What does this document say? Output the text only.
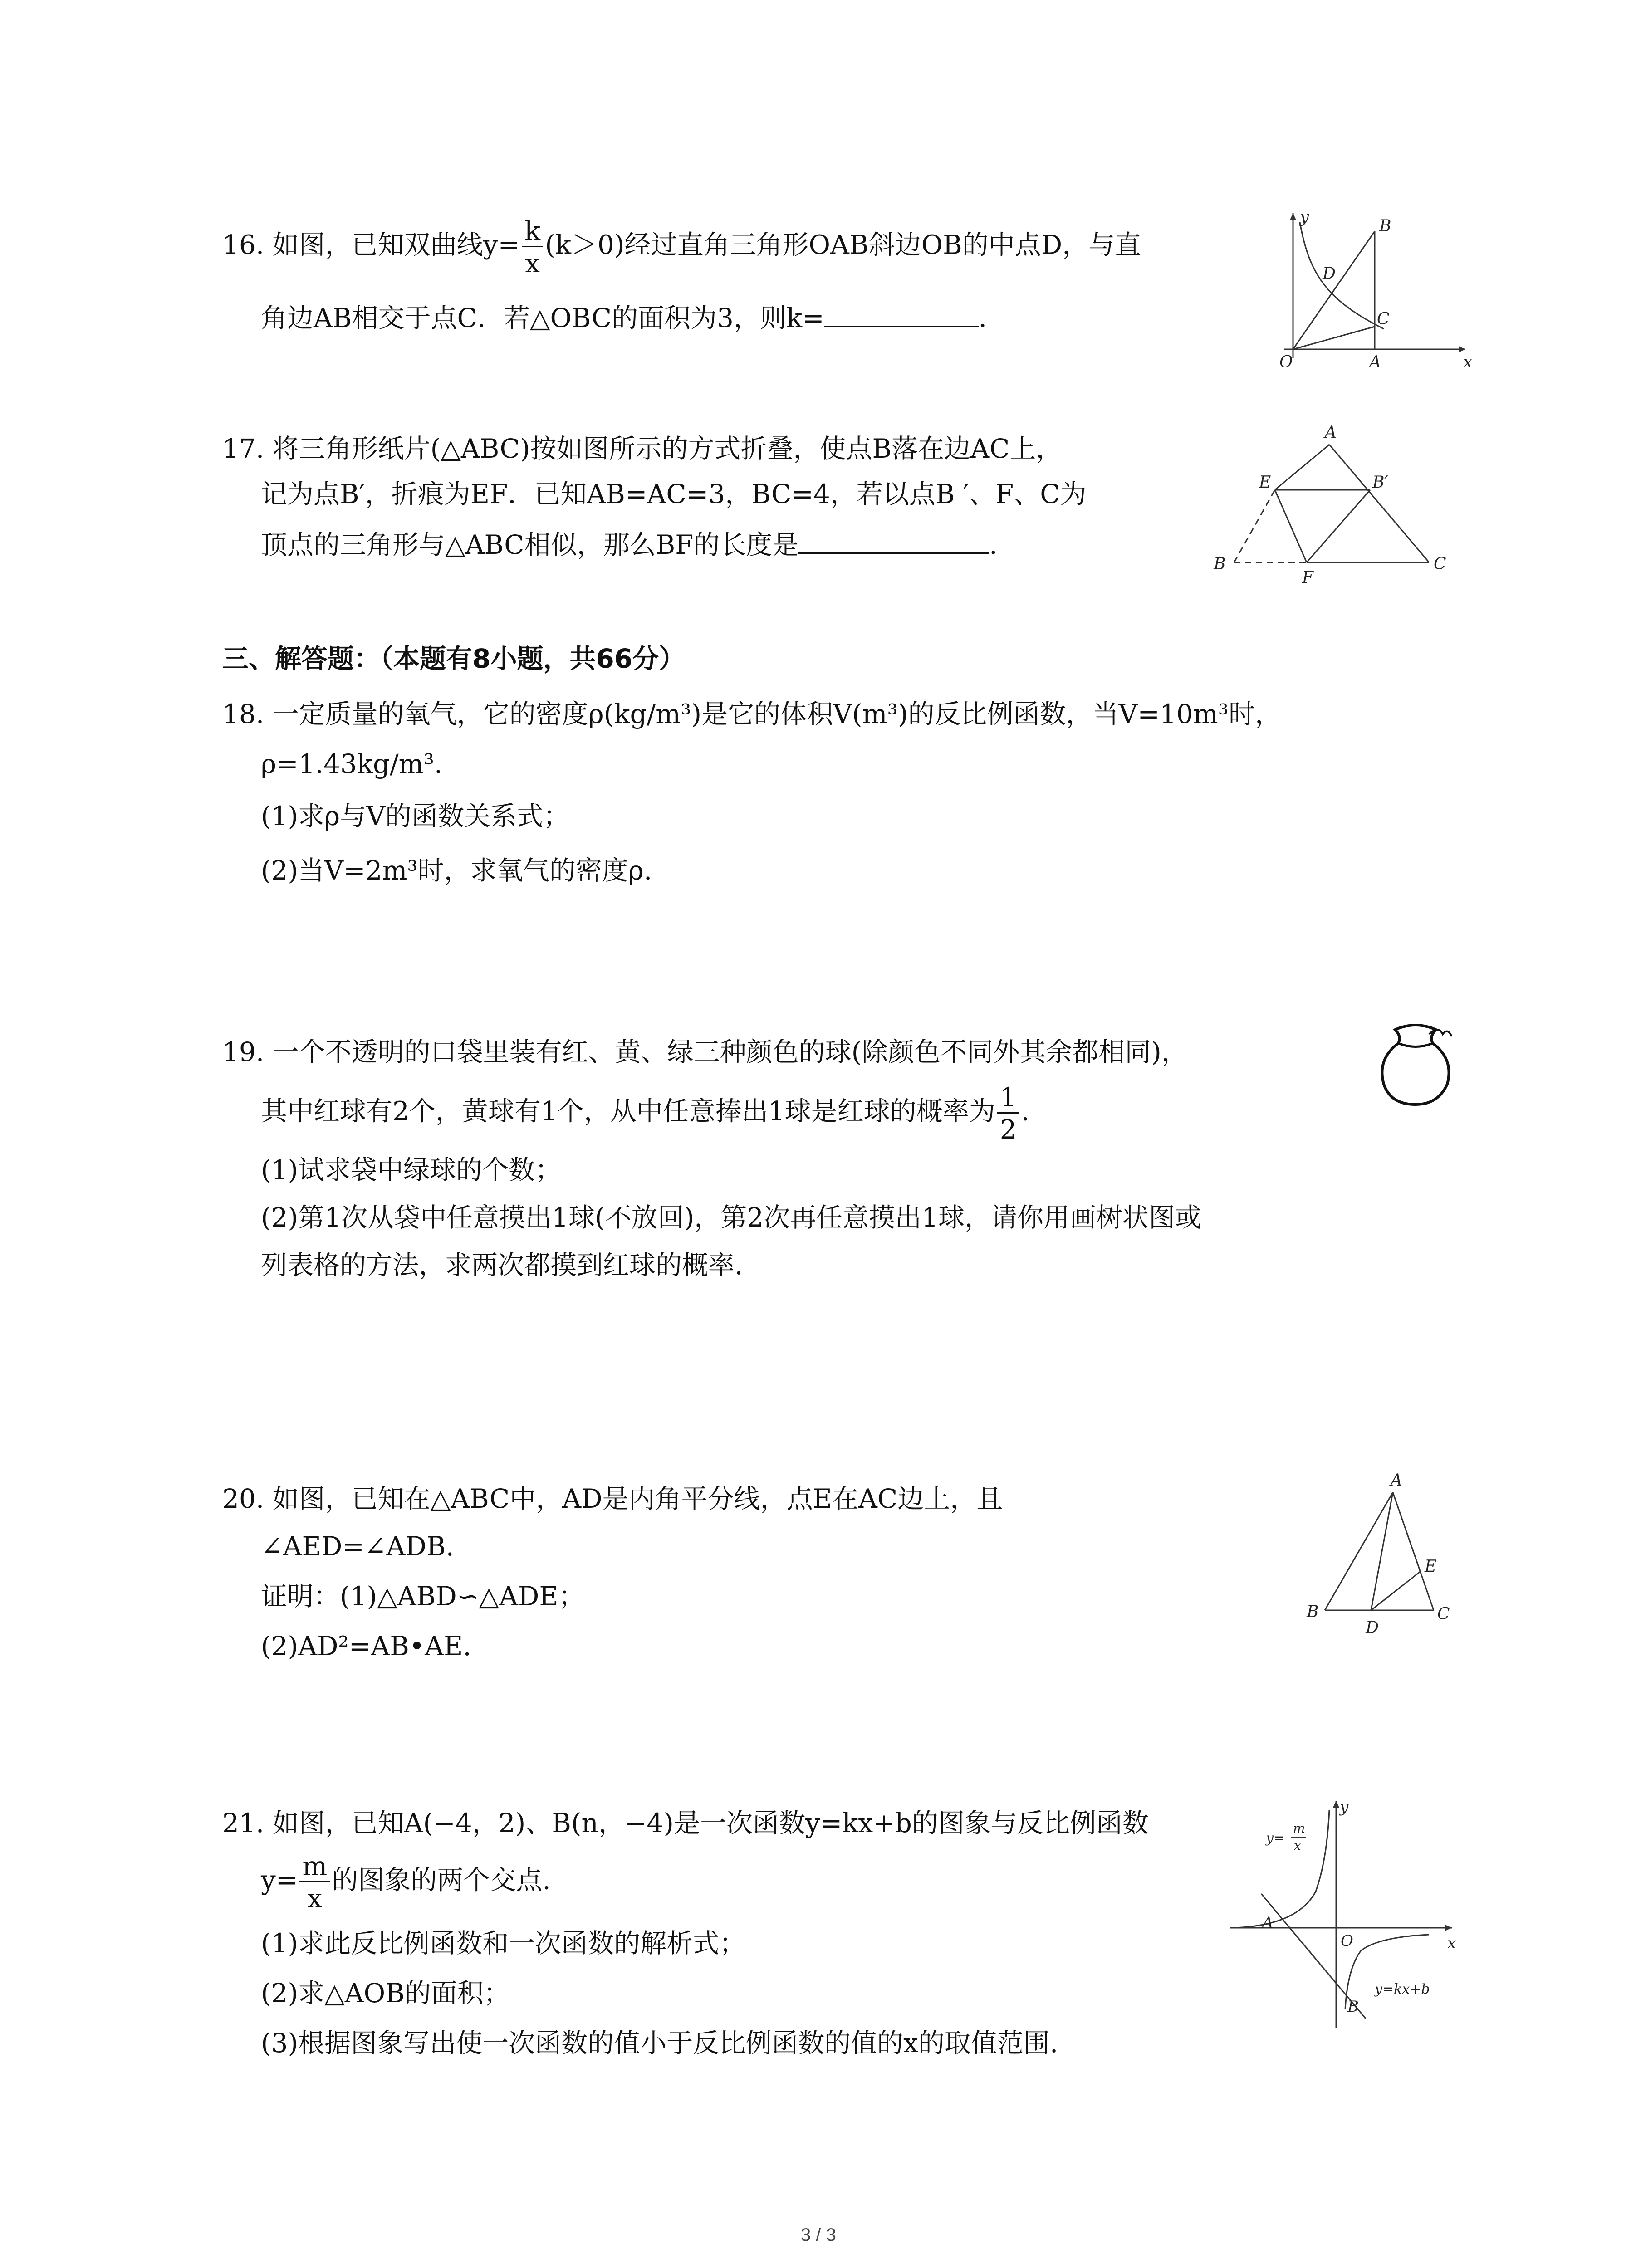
16. 如图，已知双曲线$y= \frac{k}{x} (k>0)$经过直角三角形OAB斜边OB的中点D，与直
角边AB相交于点C．若△OBC的面积为3，则k=	．
y
x
O	A
B
C
D
17. 将三角形纸片(△ABC)按如图所示的方式折叠，使点B落在边AC上，
记为点B′，折痕为EF．已知AB=AC=3，BC=4，若以点B ′、F、C为
顶点的三角形与△ABC相似，那么BF的长度是	．
A
E	B′
B
F
C
三、解答题：（本题有8小题，共66分）
18. 一定质量的氧气，它的密度ρ(kg/m³)是它的体积V(m³)的反比例函数，当V=10m³时，
ρ=1.43kg/m³.
(1)求ρ与V的函数关系式；
(2)当V=2m³时，求氧气的密度ρ.
19. 一个不透明的口袋里装有红、黄、绿三种颜色的球(除颜色不同外其余都相同)，
其中红球有2个，黄球有1个，从中任意捧出1球是红球的概率为 $\frac{1}{2}$ .
(1)试求袋中绿球的个数；
(2)第1次从袋中任意摸出1球(不放回)，第2次再任意摸出1球，请你用画树状图或
列表格的方法，求两次都摸到红球的概率.
20. 如图，已知在△ABC中，AD是内角平分线，点E在AC边上，且
∠AED=∠ADB.
证明：(1)△ABD∽△ADE；
(2)AD²=AB•AE.
A
B	C
D
E
21. 如图，已知A(−4，2)、B(n，−4)是一次函数y=kx+b的图象与反比例函数
$y= \frac{m}{x}$ 的图象的两个交点.
(1)求此反比例函数和一次函数的解析式；
(2)求△AOB的面积；
(3)根据图象写出使一次函数的值小于反比例函数的值的x的取值范围.
y
x
O
A
B
y=
m
x
y=kx+b
3 / 3
